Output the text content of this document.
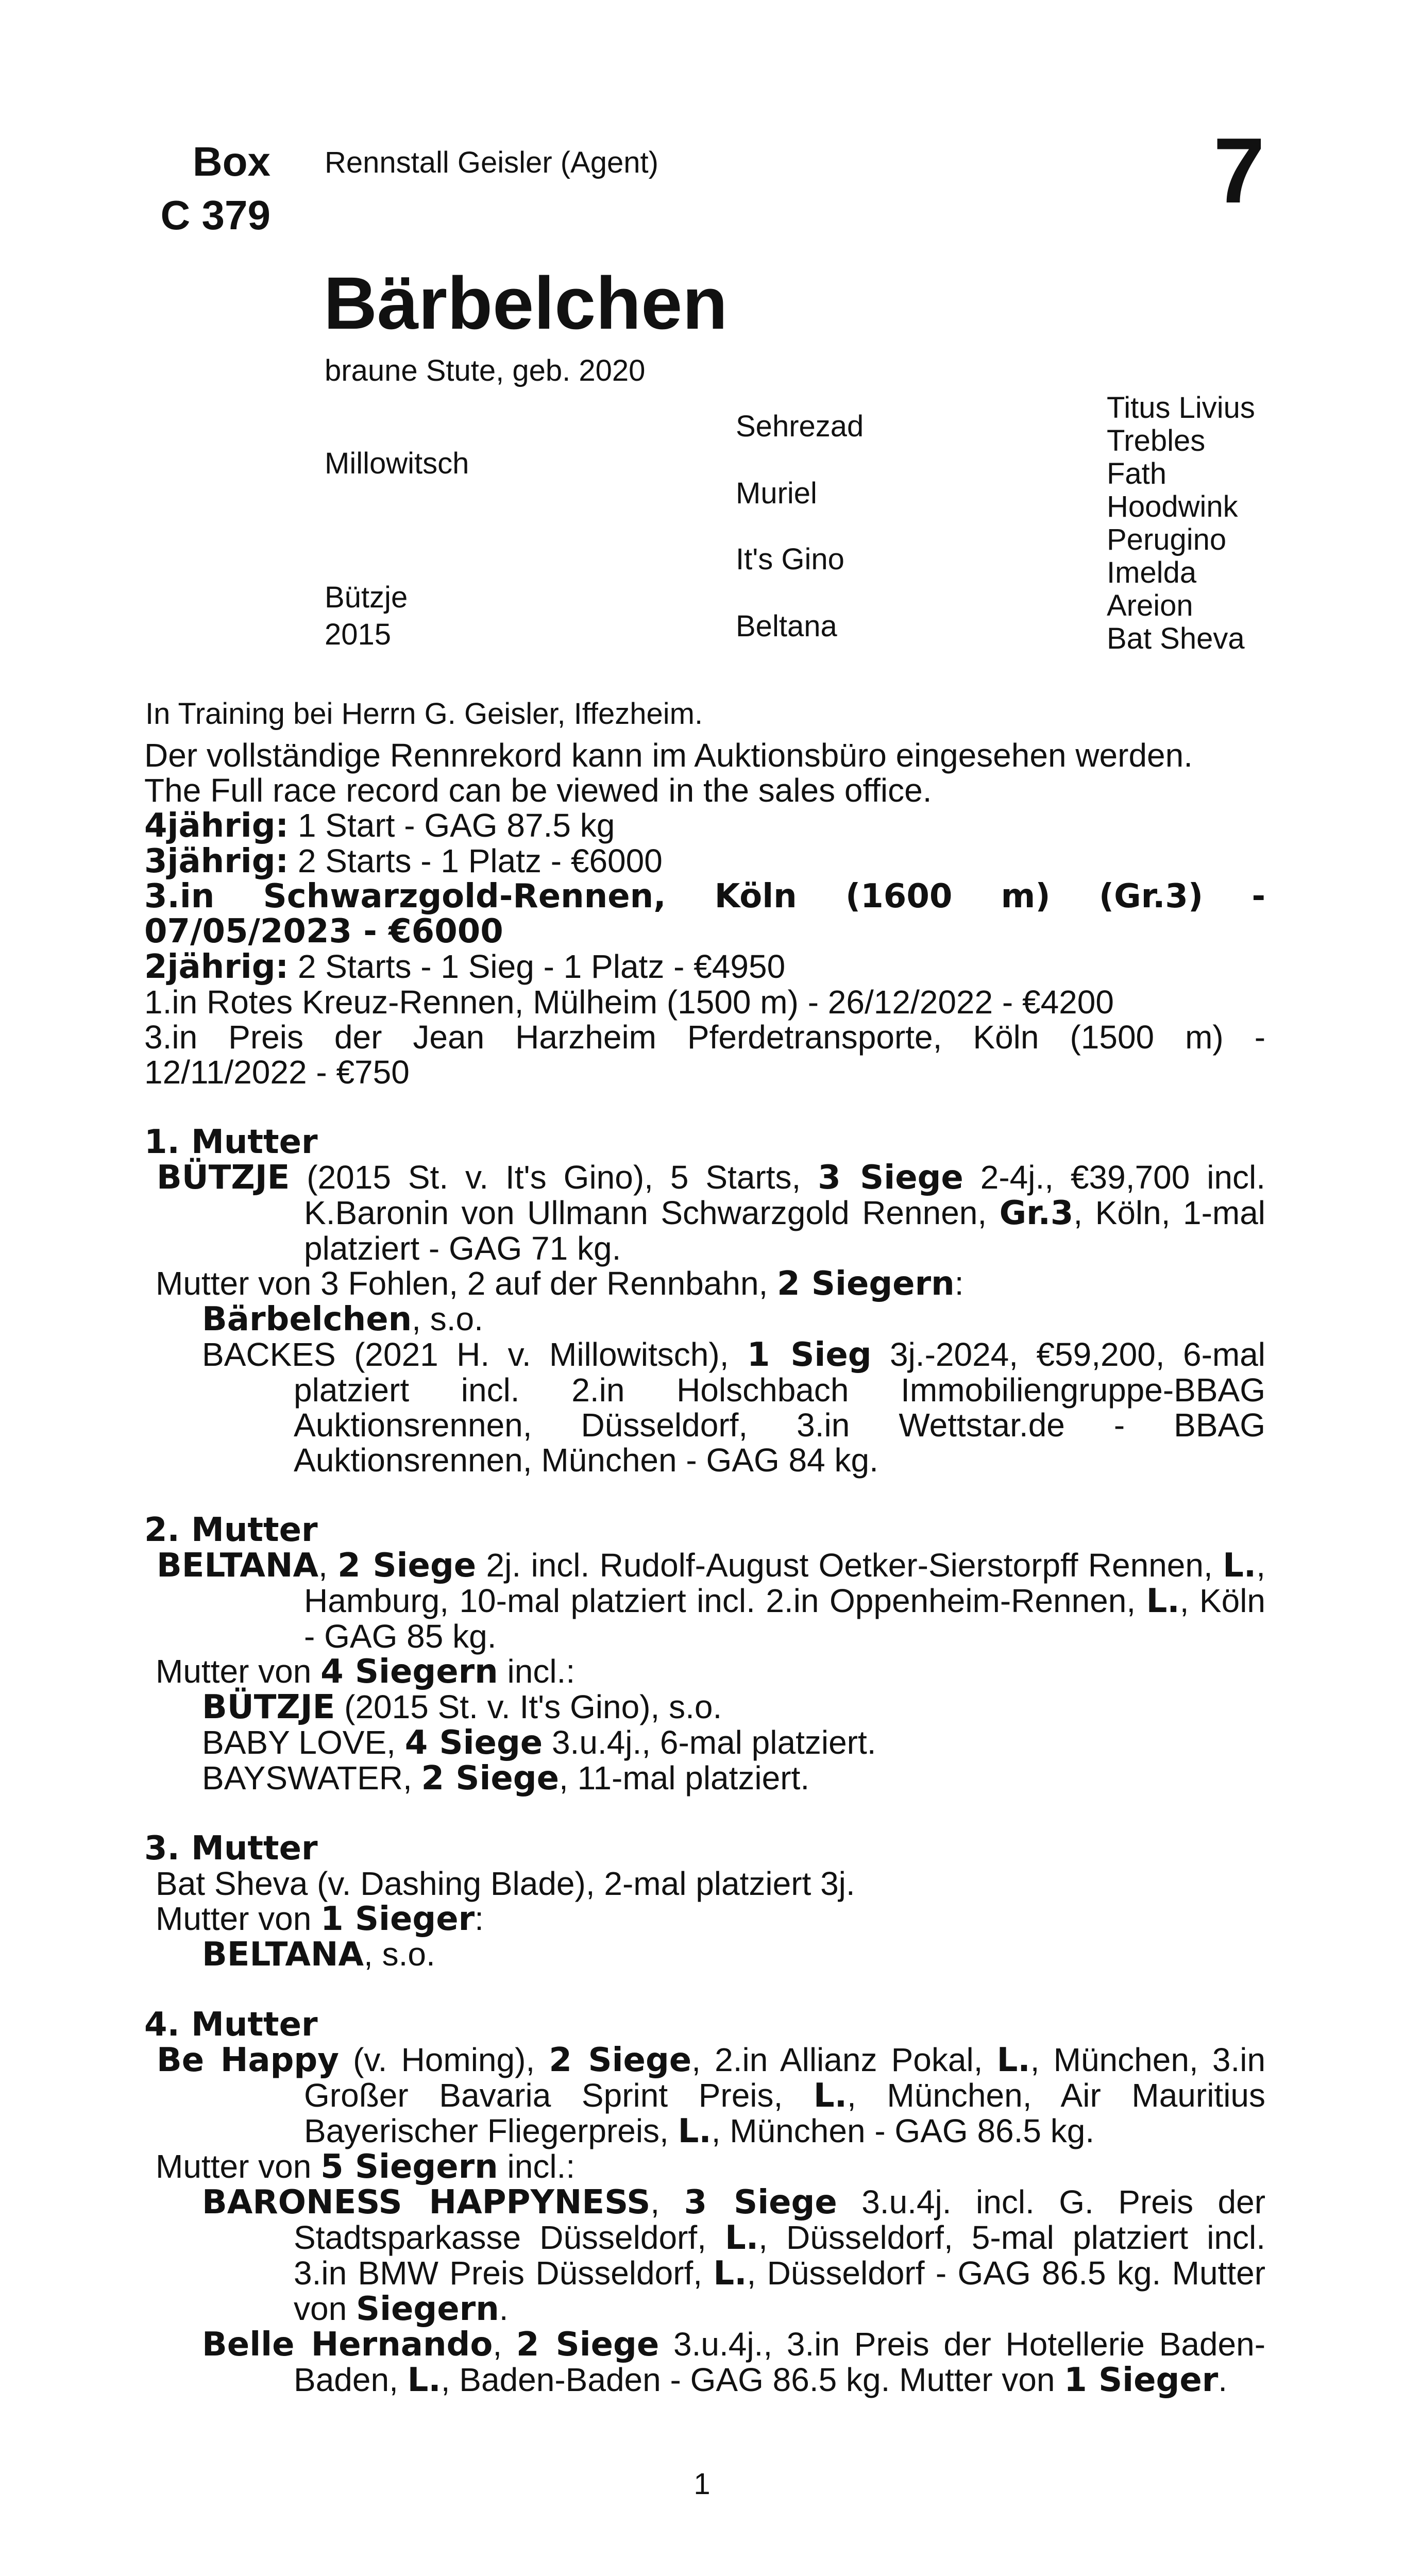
Box
C 379
Rennstall Geisler (Agent)	7
Bärbelchen
braune Stute, geb. 2020
Millowitsch
Bützje
2015
Sehrezad
Muriel
It's Gino
Beltana
Titus Livius
Trebles
Fath
Hoodwink
Perugino
Imelda
Areion
Bat Sheva
In Training bei Herrn G. Geisler, Iffezheim.

Der vollständige Rennrekord kann im Auktionsbüro eingesehen werden.

The Full race record can be viewed in the sales office.

4jährig: 1 Start - GAG 87.5 kg

3jährig: 2 Starts - 1 Platz - €6000

3.in Schwarzgold-Rennen, Köln (1600 m) (Gr.3) -

07/05/2023 - €6000

2jährig: 2 Starts - 1 Sieg - 1 Platz - €4950

1.in Rotes Kreuz-Rennen, Mülheim (1500 m) - 26/12/2022 - €4200

3.in Preis der Jean Harzheim Pferdetransporte, Köln (1500 m) -

12/11/2022 - €750

1. Mutter

BÜTZJE (2015 St. v. It's Gino), 5 Starts, 3 Siege 2-4j., €39,700 incl. K.Baronin von Ullmann Schwarzgold Rennen, Gr.3, Köln, 1-mal platziert - GAG 71 kg.

Mutter von 3 Fohlen, 2 auf der Rennbahn, 2 Siegern:

Bärbelchen, s.o.

BACKES (2021 H. v. Millowitsch), 1 Sieg 3j.-2024, €59,200, 6-mal platziert incl. 2.in Holschbach Immobiliengruppe-BBAG Auktionsrennen, Düsseldorf, 3.in Wettstar.de - BBAG Auktionsrennen, München - GAG 84 kg.

2. Mutter

BELTANA, 2 Siege 2j. incl. Rudolf-August Oetker-Sierstorpff Rennen, L., Hamburg, 10-mal platziert incl. 2.in Oppenheim-Rennen, L., Köln - GAG 85 kg.

Mutter von 4 Siegern incl.:

BÜTZJE (2015 St. v. It's Gino), s.o.

BABY LOVE, 4 Siege 3.u.4j., 6-mal platziert.

BAYSWATER, 2 Siege, 11-mal platziert.

3. Mutter

Bat Sheva (v. Dashing Blade), 2-mal platziert 3j.

Mutter von 1 Sieger:

BELTANA, s.o.

4. Mutter

Be Happy (v. Homing), 2 Siege, 2.in Allianz Pokal, L., München, 3.in Großer Bavaria Sprint Preis, L., München, Air Mauritius Bayerischer Fliegerpreis, L., München - GAG 86.5 kg.

Mutter von 5 Siegern incl.:

BARONESS HAPPYNESS, 3 Siege 3.u.4j. incl. G. Preis der Stadtsparkasse Düsseldorf, L., Düsseldorf, 5-mal platziert incl. 3.in BMW Preis Düsseldorf, L., Düsseldorf - GAG 86.5 kg. Mutter von Siegern.

Belle Hernando, 2 Siege 3.u.4j., 3.in Preis der Hotellerie Baden-Baden, L., Baden-Baden - GAG 86.5 kg. Mutter von 1 Sieger.

1
